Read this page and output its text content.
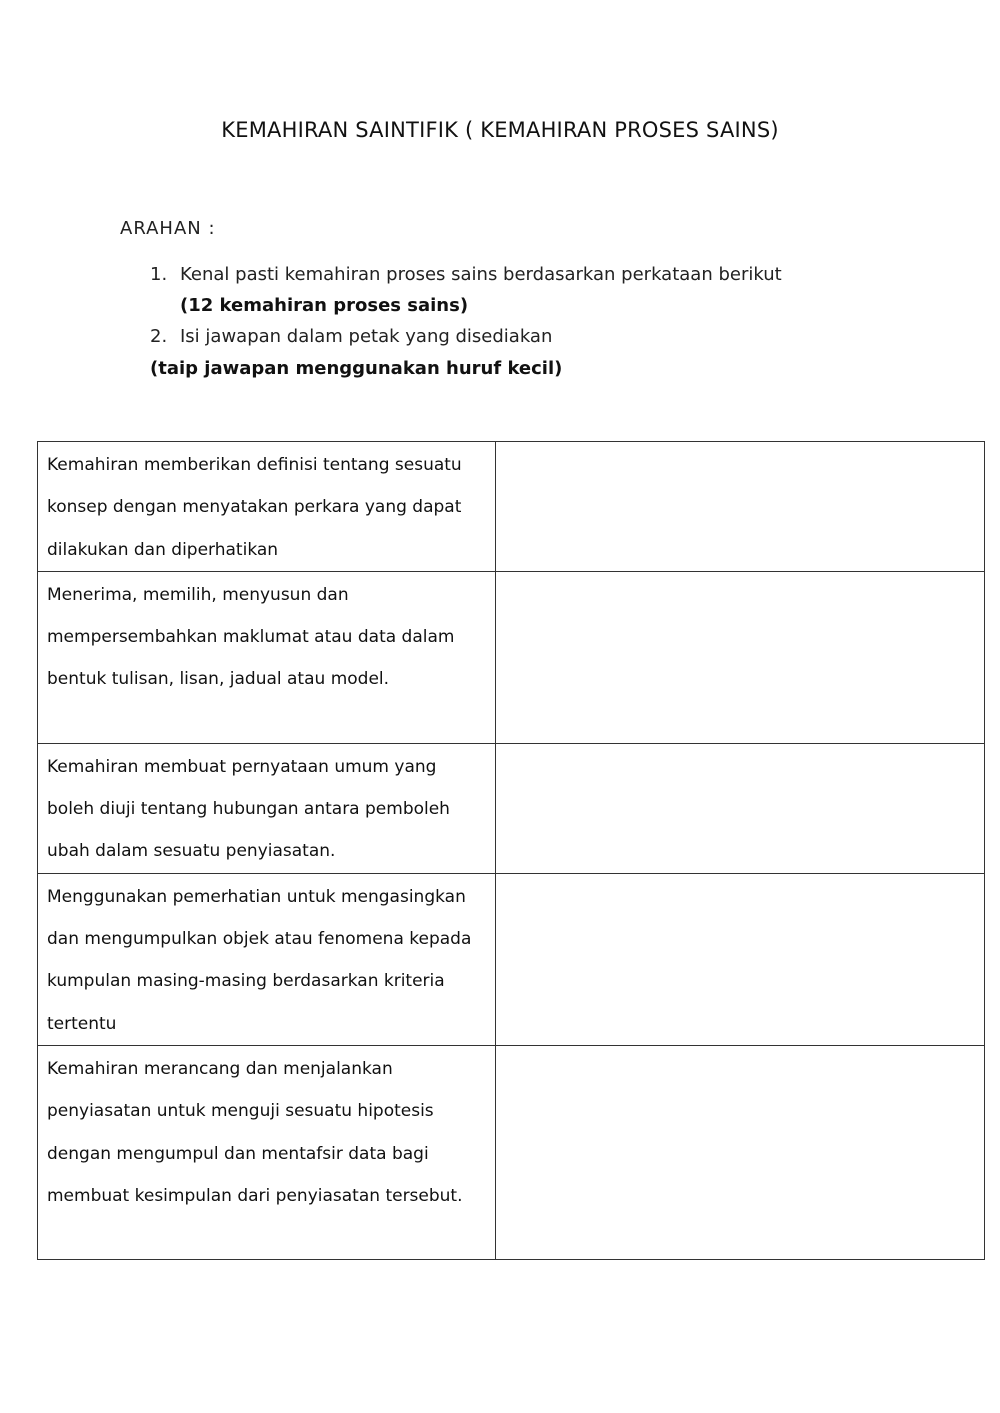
KEMAHIRAN SAINTIFIK ( KEMAHIRAN PROSES SAINS)
ARAHAN :
1. Kenal pasti kemahiran proses sains berdasarkan perkataan berikut
(12 kemahiran proses sains)
2. Isi jawapan dalam petak yang disediakan
(taip jawapan menggunakan huruf kecil)
Kemahiran memberikan definisi tentang sesuatu konsep dengan menyatakan perkara yang dapat dilakukan dan diperhatikan	
Menerima, memilih, menyusun dan mempersembahkan maklumat atau data dalam bentuk tulisan, lisan, jadual atau model.	
Kemahiran membuat pernyataan umum yang boleh diuji tentang hubungan antara pemboleh ubah dalam sesuatu penyiasatan.	
Menggunakan pemerhatian untuk mengasingkan dan mengumpulkan objek atau fenomena kepada kumpulan masing-masing berdasarkan kriteria tertentu	
Kemahiran merancang dan menjalankan penyiasatan untuk menguji sesuatu hipotesis dengan mengumpul dan mentafsir data bagi membuat kesimpulan dari penyiasatan tersebut.	
